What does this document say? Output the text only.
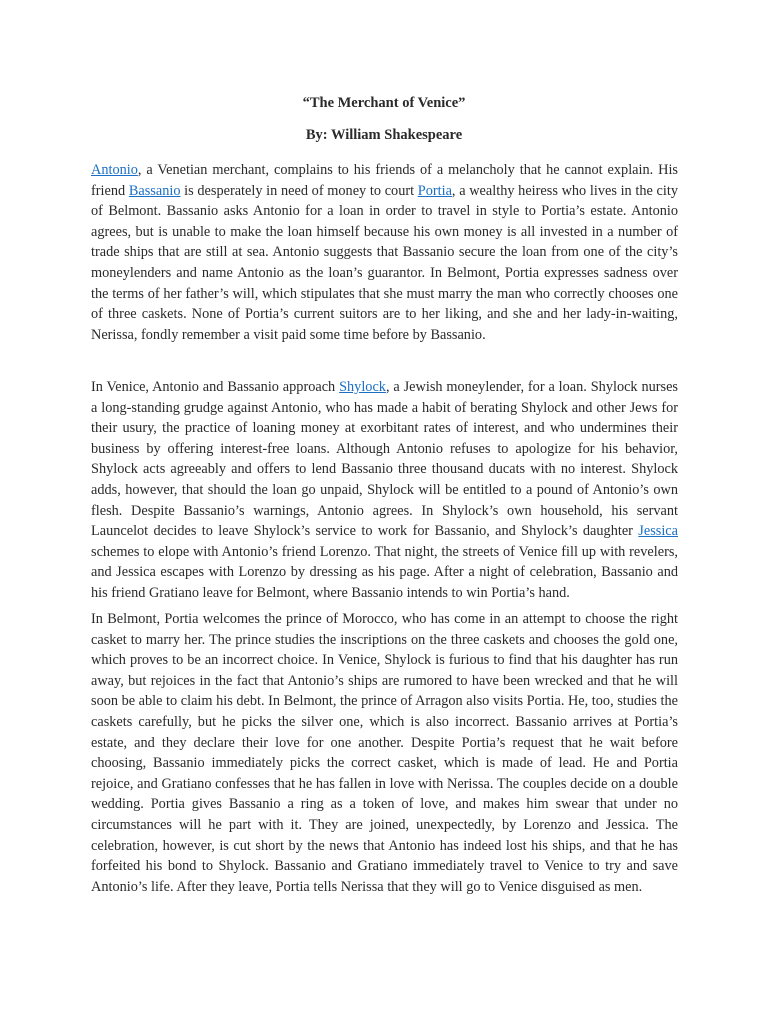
“The Merchant of Venice”
By: William Shakespeare

Antonio, a Venetian merchant, complains to his friends of a melancholy that he cannot explain. His friend Bassanio is desperately in need of money to court Portia, a wealthy heiress who lives in the city of Belmont. Bassanio asks Antonio for a loan in order to travel in style to Portia’s estate. Antonio agrees, but is unable to make the loan himself because his own money is all invested in a number of trade ships that are still at sea. Antonio suggests that Bassanio secure the loan from one of the city’s moneylenders and name Antonio as the loan’s guarantor. In Belmont, Portia expresses sadness over the terms of her father’s will, which stipulates that she must marry the man who correctly chooses one of three caskets. None of Portia’s current suitors are to her liking, and she and her lady-in-waiting, Nerissa, fondly remember a visit paid some time before by Bassanio.

In Venice, Antonio and Bassanio approach Shylock, a Jewish moneylender, for a loan. Shylock nurses a long-standing grudge against Antonio, who has made a habit of berating Shylock and other Jews for their usury, the practice of loaning money at exorbitant rates of interest, and who undermines their business by offering interest-free loans. Although Antonio refuses to apologize for his behavior, Shylock acts agreeably and offers to lend Bassanio three thousand ducats with no interest. Shylock adds, however, that should the loan go unpaid, Shylock will be entitled to a pound of Antonio’s own flesh. Despite Bassanio’s warnings, Antonio agrees. In Shylock’s own household, his servant Launcelot decides to leave Shylock’s service to work for Bassanio, and Shylock’s daughter Jessica schemes to elope with Antonio’s friend Lorenzo. That night, the streets of Venice fill up with revelers, and Jessica escapes with Lorenzo by dressing as his page. After a night of celebration, Bassanio and his friend Gratiano leave for Belmont, where Bassanio intends to win Portia’s hand.

In Belmont, Portia welcomes the prince of Morocco, who has come in an attempt to choose the right casket to marry her. The prince studies the inscriptions on the three caskets and chooses the gold one, which proves to be an incorrect choice. In Venice, Shylock is furious to find that his daughter has run away, but rejoices in the fact that Antonio’s ships are rumored to have been wrecked and that he will soon be able to claim his debt. In Belmont, the prince of Arragon also visits Portia. He, too, studies the caskets carefully, but he picks the silver one, which is also incorrect. Bassanio arrives at Portia’s estate, and they declare their love for one another. Despite Portia’s request that he wait before choosing, Bassanio immediately picks the correct casket, which is made of lead. He and Portia rejoice, and Gratiano confesses that he has fallen in love with Nerissa. The couples decide on a double wedding. Portia gives Bassanio a ring as a token of love, and makes him swear that under no circumstances will he part with it. They are joined, unexpectedly, by Lorenzo and Jessica. The celebration, however, is cut short by the news that Antonio has indeed lost his ships, and that he has forfeited his bond to Shylock. Bassanio and Gratiano immediately travel to Venice to try and save Antonio’s life. After they leave, Portia tells Nerissa that they will go to Venice disguised as men.
